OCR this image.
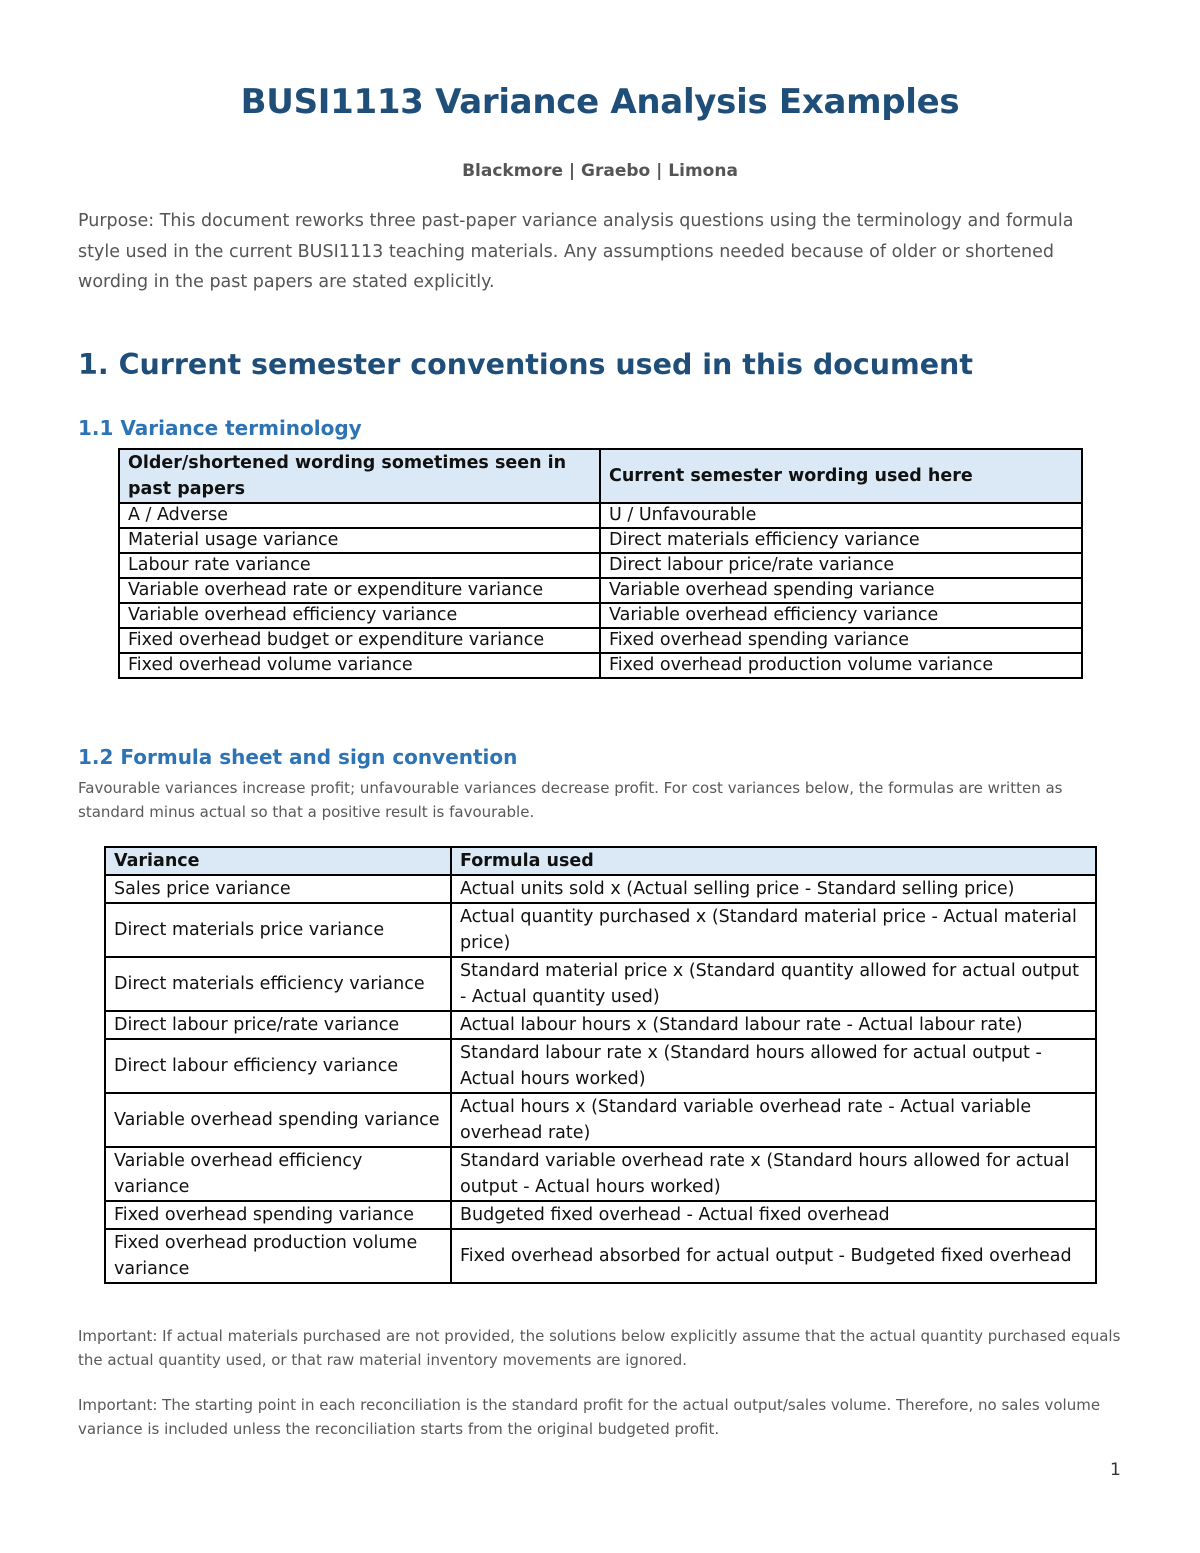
BUSI1113 Variance Analysis Examples
Blackmore | Graebo | Limona

Purpose: This document reworks three past-paper variance analysis questions using the terminology and formula style used in the current BUSI1113 teaching materials. Any assumptions needed because of older or shortened wording in the past papers are stated explicitly.

1. Current semester conventions used in this document
1.1 Variance terminology
Older/shortened wording sometimes seen in past papers	Current semester wording used here
A / Adverse	U / Unfavourable
Material usage variance	Direct materials efficiency variance
Labour rate variance	Direct labour price/rate variance
Variable overhead rate or expenditure variance	Variable overhead spending variance
Variable overhead efficiency variance	Variable overhead efficiency variance
Fixed overhead budget or expenditure variance	Fixed overhead spending variance
Fixed overhead volume variance	Fixed overhead production volume variance
1.2 Formula sheet and sign convention

Favourable variances increase profit; unfavourable variances decrease profit. For cost variances below, the formulas are written as standard minus actual so that a positive result is favourable.

Variance	Formula used
Sales price variance	Actual units sold x (Actual selling price - Standard selling price)
Direct materials price variance	Actual quantity purchased x (Standard material price - Actual material price)
Direct materials efficiency variance	Standard material price x (Standard quantity allowed for actual output - Actual quantity used)
Direct labour price/rate variance	Actual labour hours x (Standard labour rate - Actual labour rate)
Direct labour efficiency variance	Standard labour rate x (Standard hours allowed for actual output - Actual hours worked)
Variable overhead spending variance	Actual hours x (Standard variable overhead rate - Actual variable overhead rate)
Variable overhead efficiency variance	Standard variable overhead rate x (Standard hours allowed for actual output - Actual hours worked)
Fixed overhead spending variance	Budgeted fixed overhead - Actual fixed overhead
Fixed overhead production volume variance	Fixed overhead absorbed for actual output - Budgeted fixed overhead

Important: If actual materials purchased are not provided, the solutions below explicitly assume that the actual quantity purchased equals the actual quantity used, or that raw material inventory movements are ignored.

Important: The starting point in each reconciliation is the standard profit for the actual output/sales volume. Therefore, no sales volume variance is included unless the reconciliation starts from the original budgeted profit.

1
